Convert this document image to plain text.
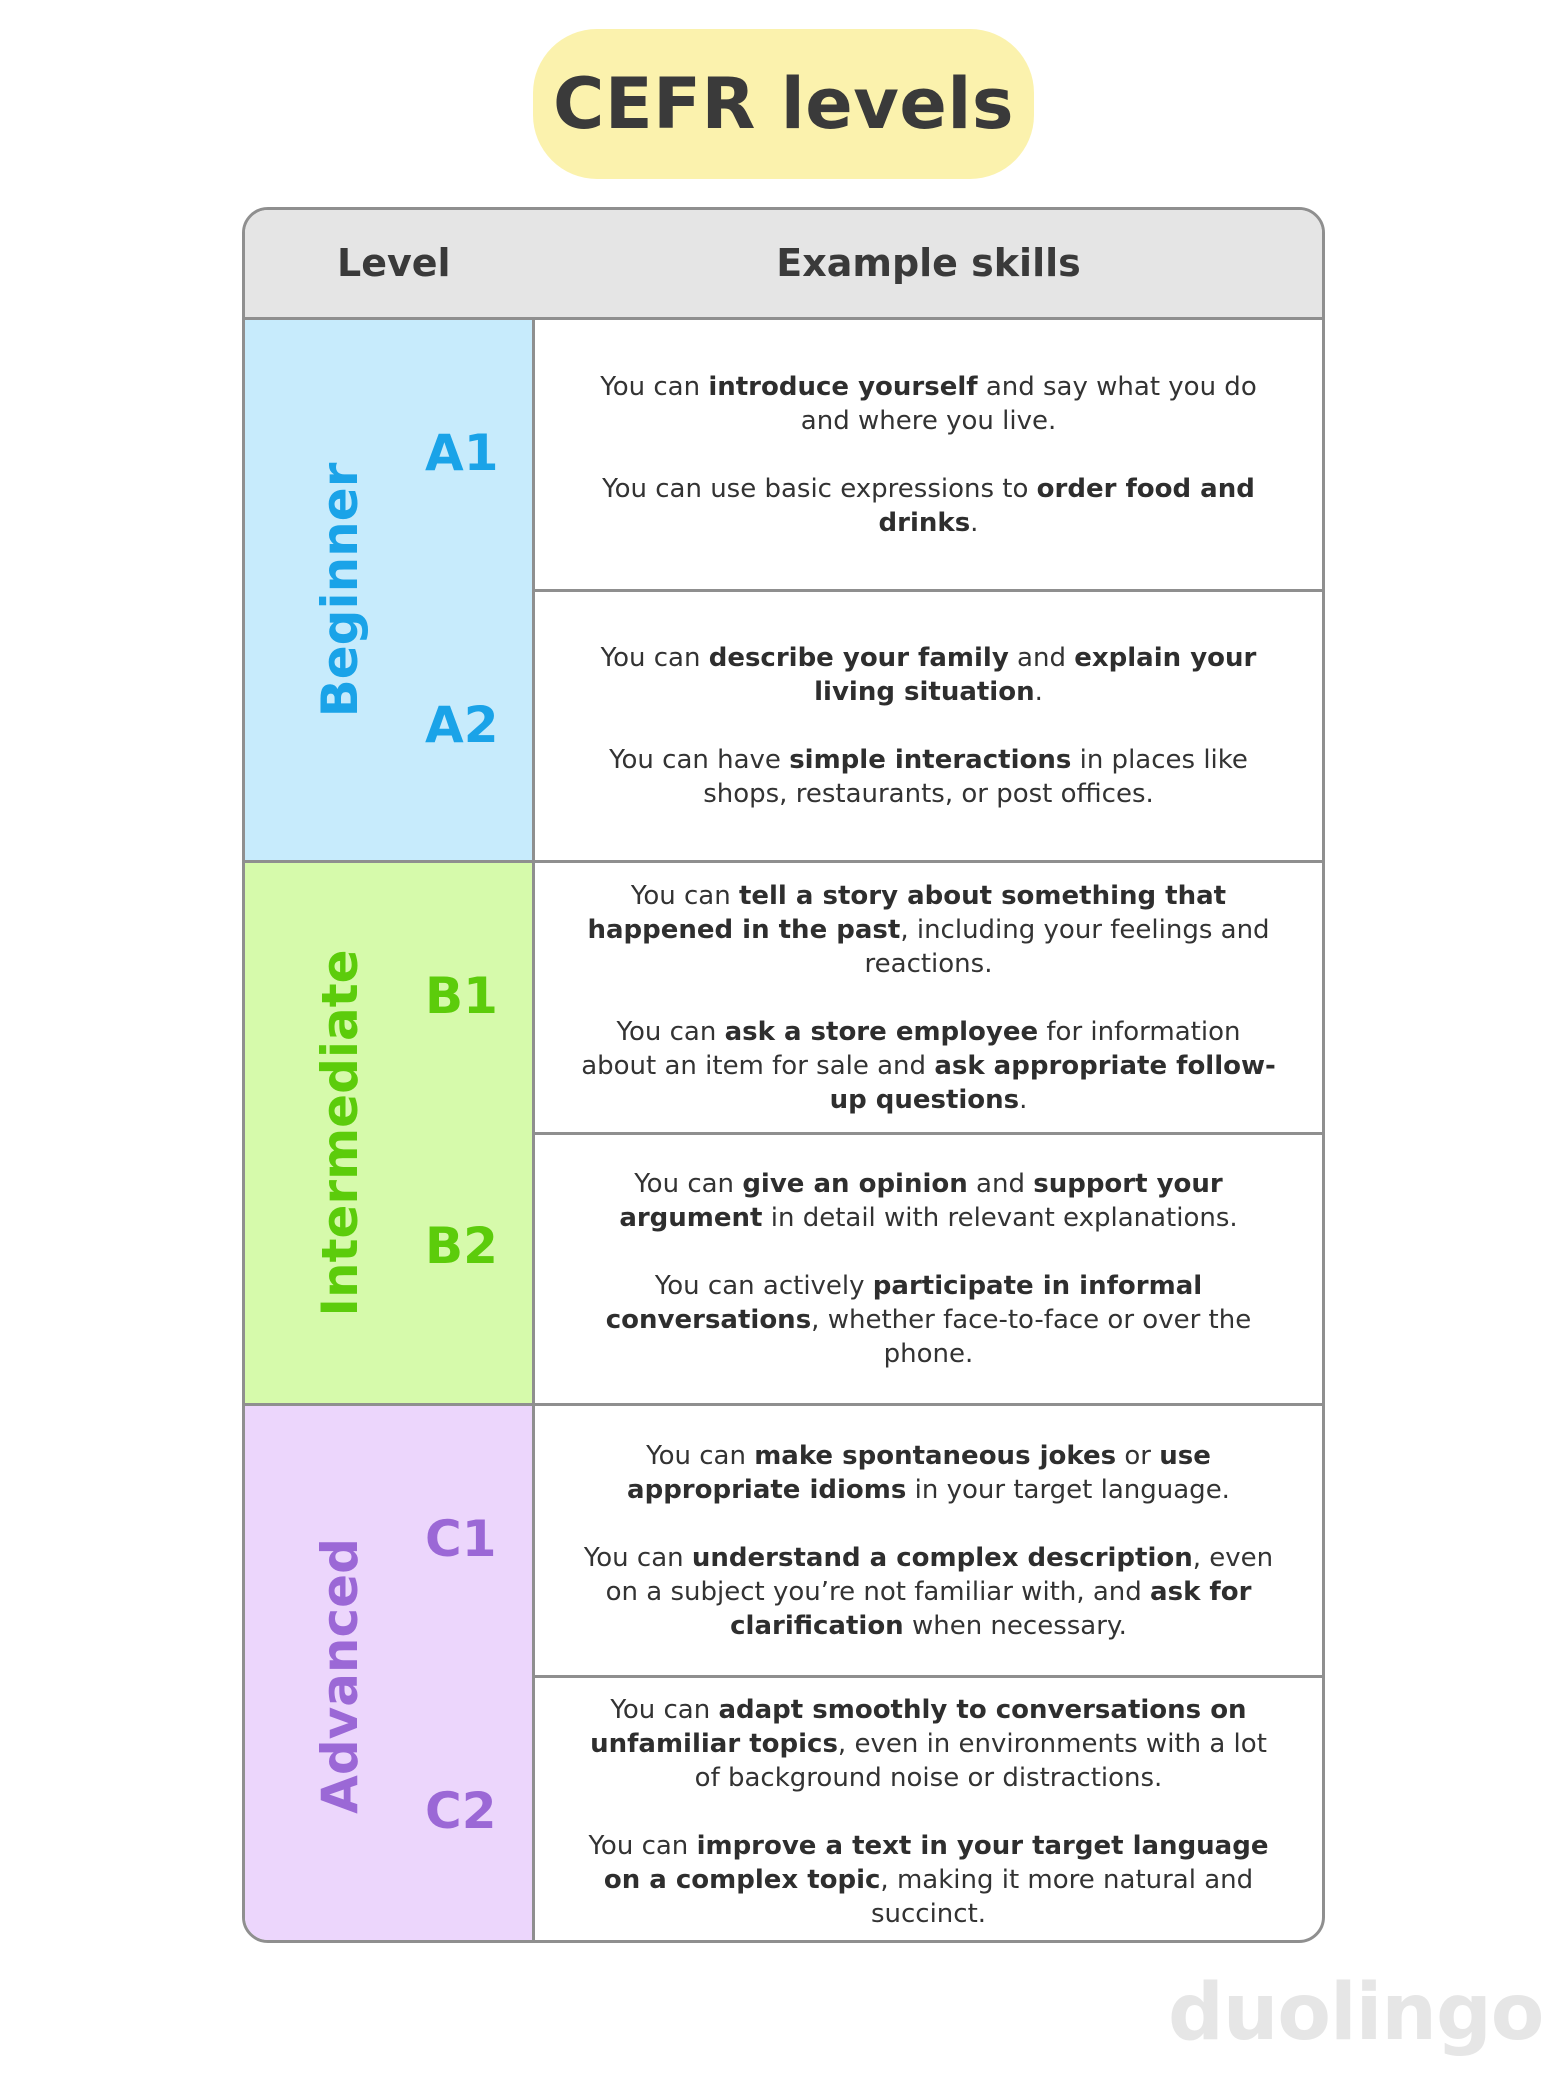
CEFR levels
Level	Example skills
Beginner
A1
A2
Intermediate B1
B2
Advanced C1
C2

You can introduce yourself and say what you do and where you live.

You can use basic expressions to order food and drinks.

You can describe your family and explain your living situation.

You can have simple interactions in places like shops, restaurants, or post offices.

You can tell a story about something that happened in the past, including your feelings and reactions.

You can ask a store employee for information about an item for sale and ask appropriate follow-up questions.

You can give an opinion and support your argument in detail with relevant explanations.

You can actively participate in informal conversations, whether face-to-face or over the phone.

You can make spontaneous jokes or use appropriate idioms in your target language.

You can understand a complex description, even on a subject you’re not familiar with, and ask for clarification when necessary.

You can adapt smoothly to conversations on unfamiliar topics, even in environments with a lot of background noise or distractions.

You can improve a text in your target language on a complex topic, making it more natural and succinct.

duolingo
